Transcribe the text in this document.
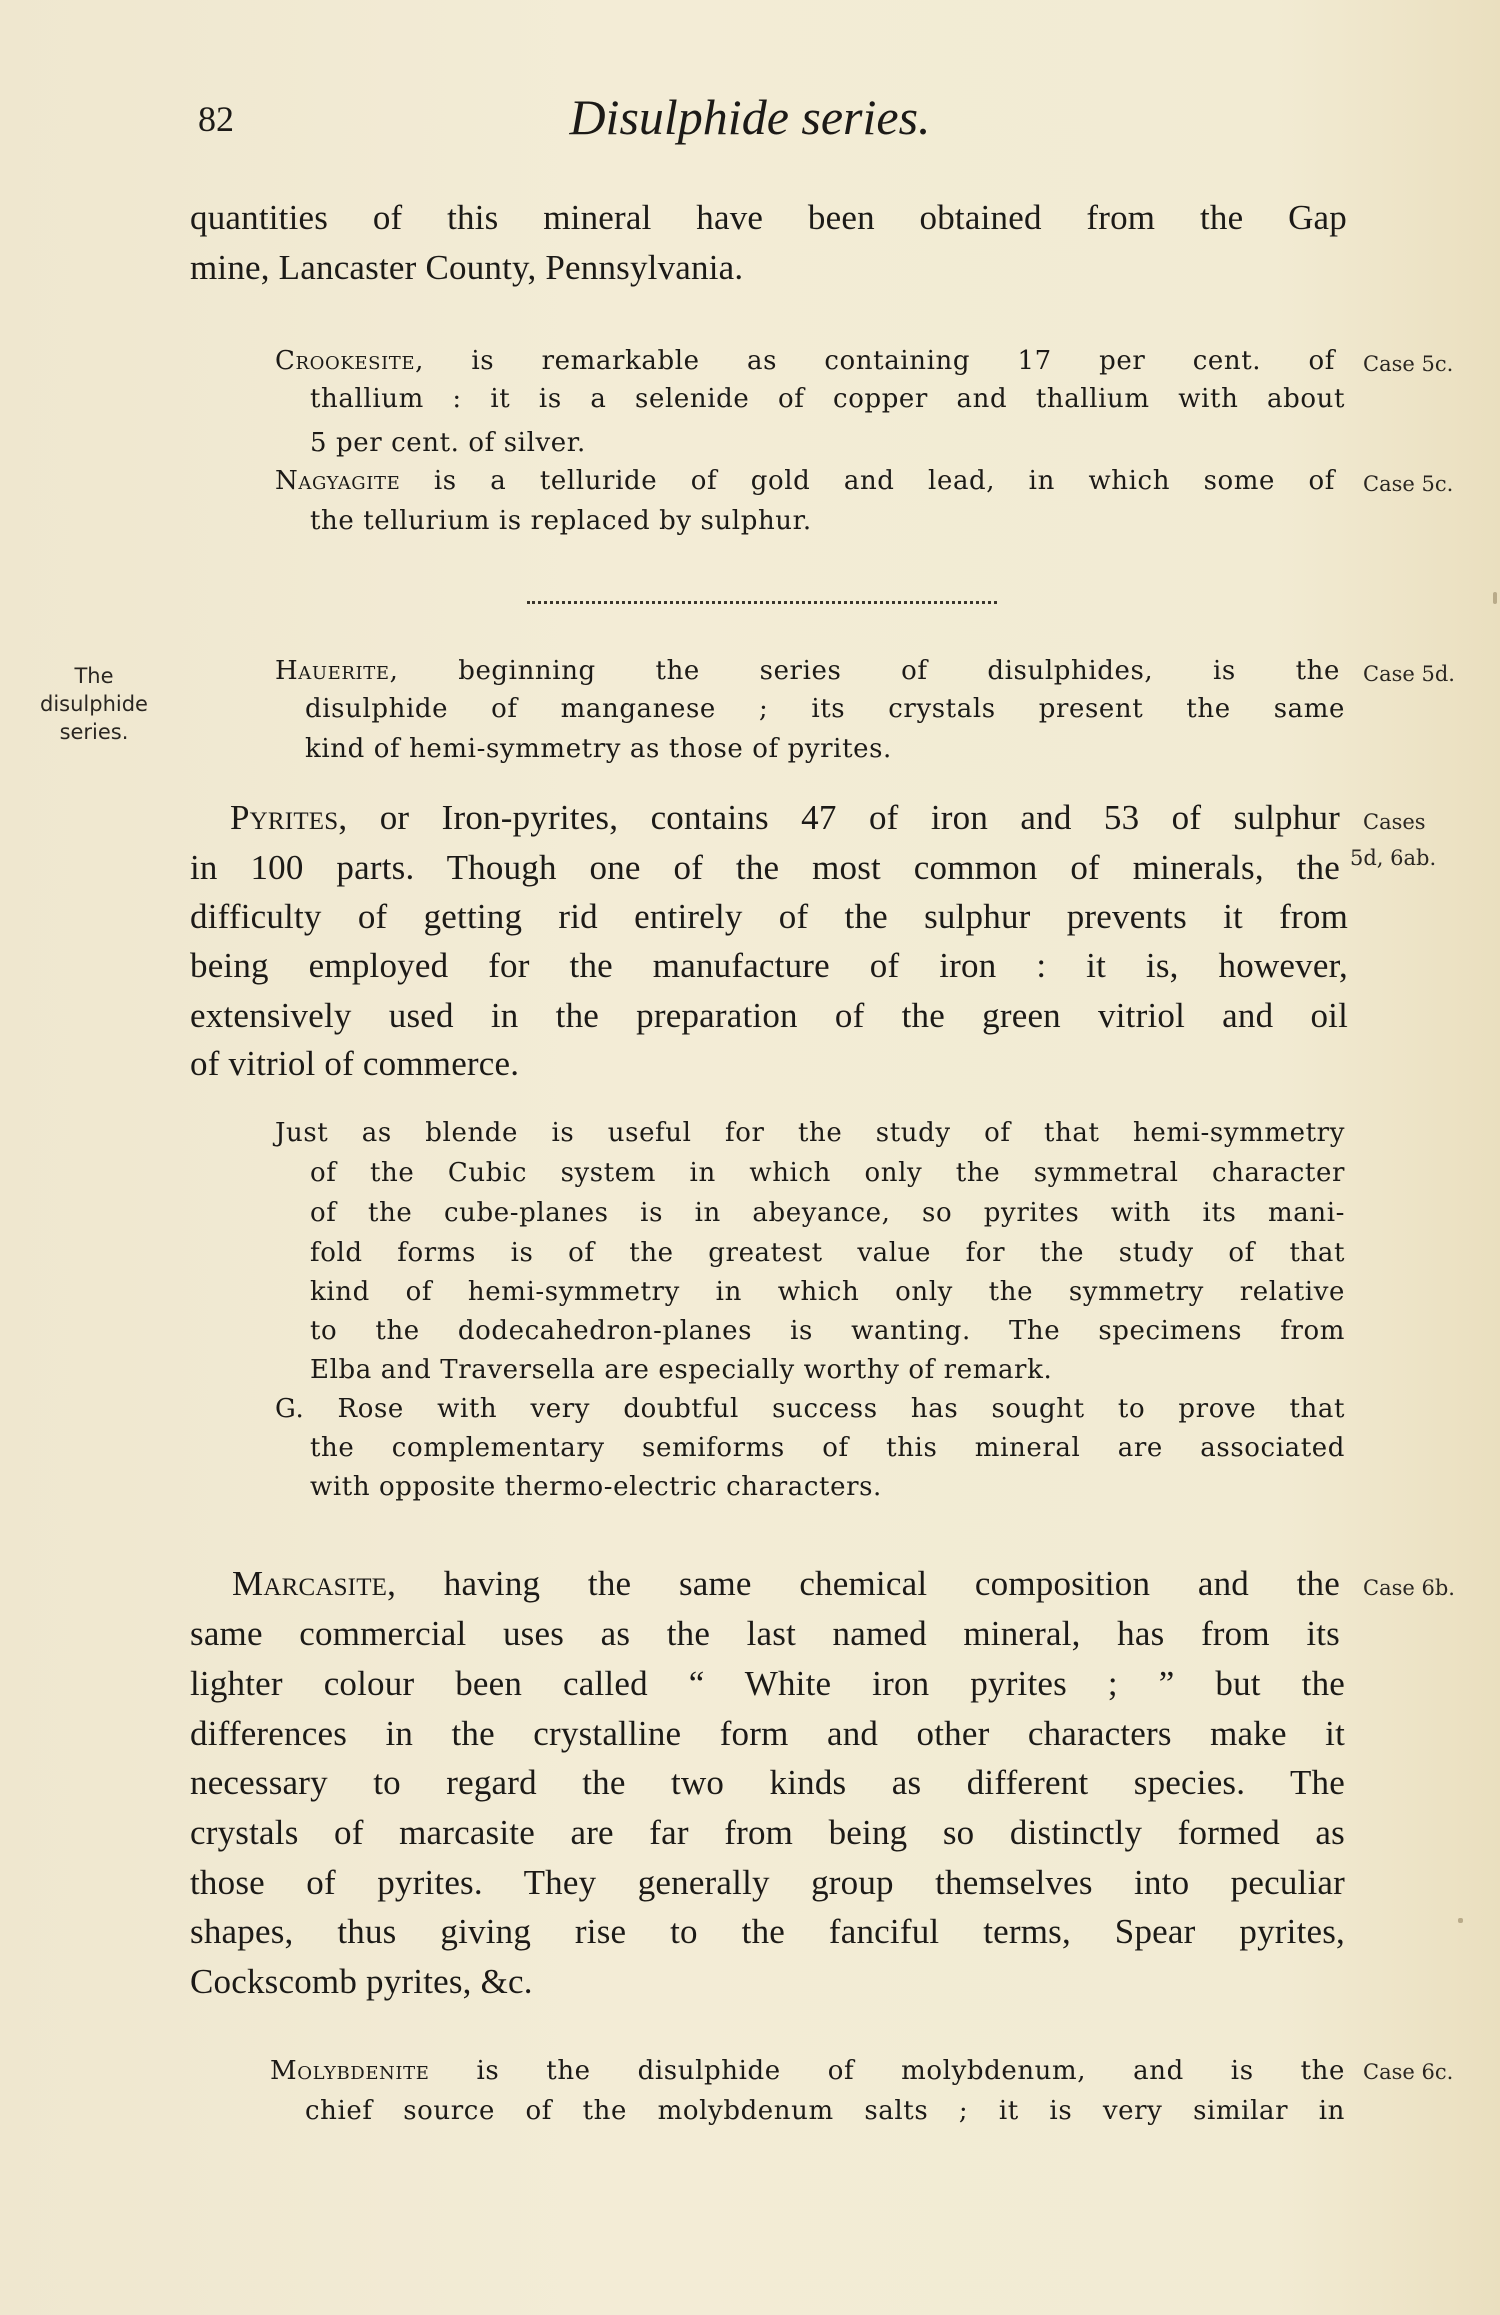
82	Disulphide series.
quantities of this mineral have been obtained from the Gap
mine, Lancaster County, Pennsylvania.
Crookesite, is remarkable as containing 17 per cent. of
thallium : it is a selenide of copper and thallium with about
5 per cent. of silver.
Nagyagite is a telluride of gold and lead, in which some of
the tellurium is replaced by sulphur.
The
disulphide
series.
Hauerite, beginning the series of disulphides, is the
disulphide of manganese ; its crystals present the same
kind of hemi-symmetry as those of pyrites.
Pyrites, or Iron-pyrites, contains 47 of iron and 53 of sulphur
in 100 parts. Though one of the most common of minerals, the
difficulty of getting rid entirely of the sulphur prevents it from
being employed for the manufacture of iron : it is, however,
extensively used in the preparation of the green vitriol and oil
of vitriol of commerce.
Just as blende is useful for the study of that hemi-symmetry
of the Cubic system in which only the symmetral character
of the cube-planes is in abeyance, so pyrites with its mani-
fold forms is of the greatest value for the study of that
kind of hemi-symmetry in which only the symmetry relative
to the dodecahedron-planes is wanting. The specimens from
Elba and Traversella are especially worthy of remark.
G. Rose with very doubtful success has sought to prove that
the complementary semiforms of this mineral are associated
with opposite thermo-electric characters.
Marcasite, having the same chemical composition and the
same commercial uses as the last named mineral, has from its
lighter colour been called “ White iron pyrites ; ” but the
differences in the crystalline form and other characters make it
necessary to regard the two kinds as different species. The
crystals of marcasite are far from being so distinctly formed as
those of pyrites. They generally group themselves into peculiar
shapes, thus giving rise to the fanciful terms, Spear pyrites,
Cockscomb pyrites, &c.
Molybdenite is the disulphide of molybdenum, and is the
chief source of the molybdenum salts ; it is very similar in
Case 5c.
Case 5c.
Case 5d.
Cases
5d, 6ab.
Case 6b.
Case 6c.
